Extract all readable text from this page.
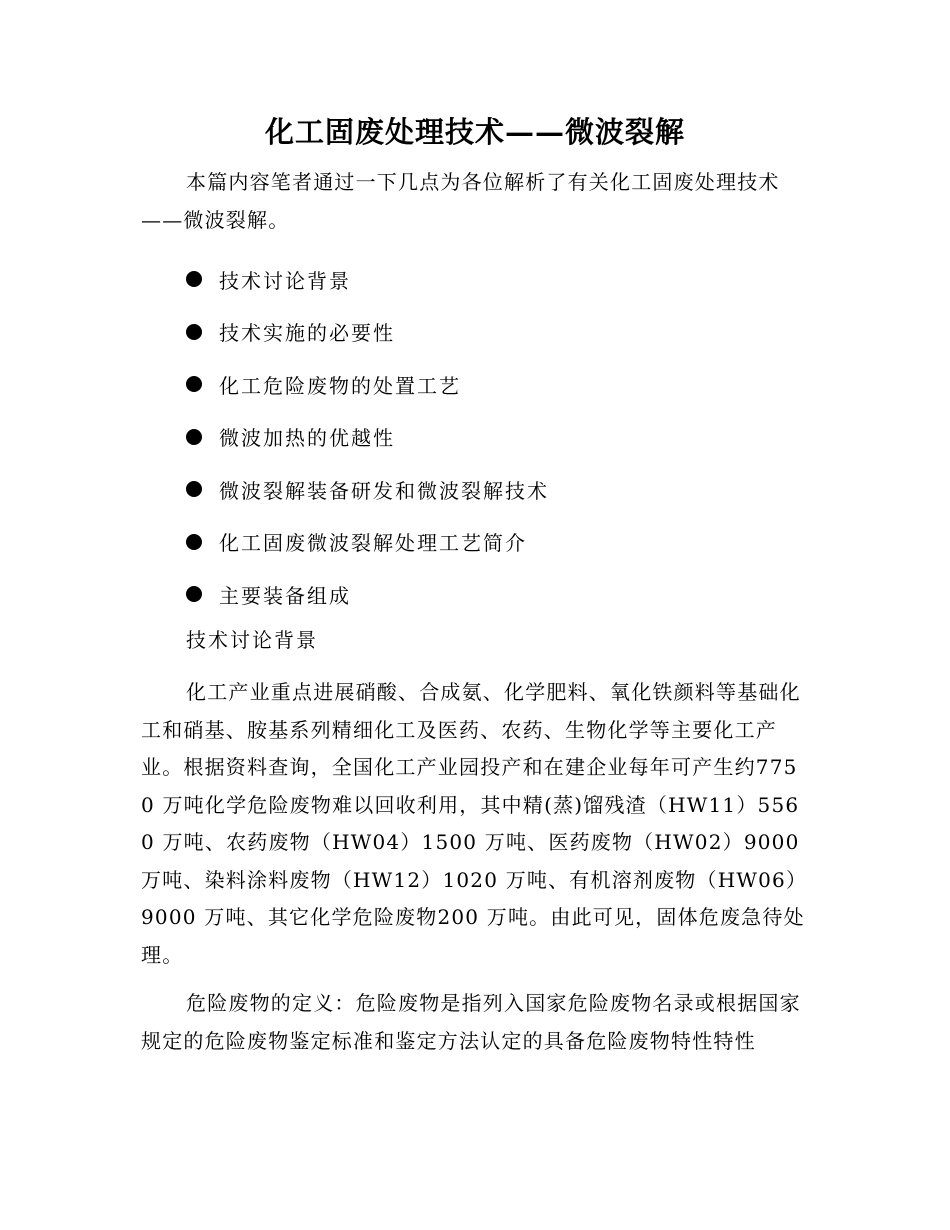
化工固废处理技术——微波裂解

本篇内容笔者通过一下几点为各位解析了有关化工固废处理技术——微波裂解。

技术讨论背景
技术实施的必要性
化工危险废物的处置工艺
微波加热的优越性
微波裂解装备研发和微波裂解技术
化工固废微波裂解处理工艺简介
主要装备组成
技术讨论背景

化工产业重点进展硝酸、合成氨、化学肥料、氧化铁颜料等基础化工和硝基、胺基系列精细化工及医药、农药、生物化学等主要化工产业。根据资料查询，全国化工产业园投产和在建企业每年可产生约7750 万吨化学危险废物难以回收利用，其中精(蒸)馏残渣（HW11）5560 万吨、农药废物（HW04）1500 万吨、医药废物（HW02）9000 万吨、染料涂料废物（HW12）1020 万吨、有机溶剂废物（HW06）9000 万吨、其它化学危险废物200 万吨。由此可见，固体危废急待处理。

危险废物的定义：危险废物是指列入国家危险废物名录或根据国家规定的危险废物鉴定标准和鉴定方法认定的具备危险废物特性特性
